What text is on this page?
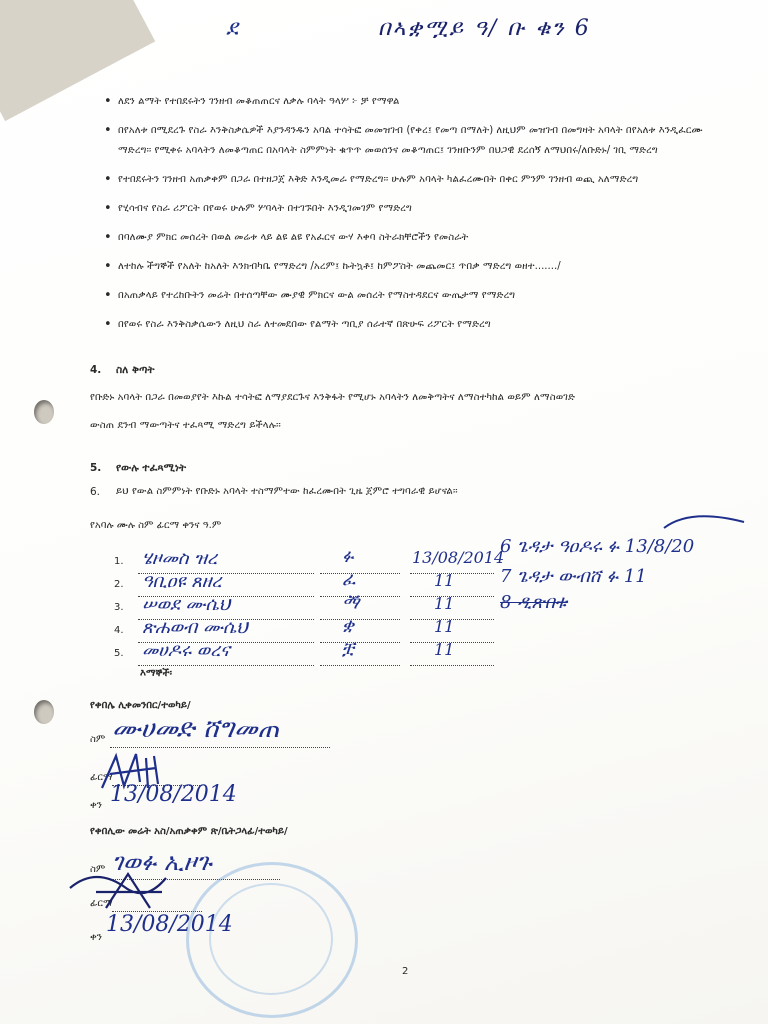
ደ	በኣቋሟይ ዓ/ ቡ ቁን 6
• ለደን ልማት የተበደሩትን ገንዘብ መቆጠጠርና ለቃሉ ባላት ዓላሦ ፦ ቻ የማዋል
• በየአለቱ በሚደረጉ የስራ እንቅስቃሴዎች እያንዳንዱን አባል ተሳትፎ መመዝገብ (የቀረ፤ የመጣ በማለት) ለዚህም መዝገብ በመግዛት አባላት በየአለቱ እንዲፈርሙ ማድረግ፡፡ የሚቀሩ አባላትን ለመቆጣጠር በአባላት ስምምነት ቁጥጥ መወሰንና መቆጣጠር፤ ገንዘቡንም በህጋዊ ደረሰኝ ለማህበሩ/ለቡድኑ/ ገቢ ማድረግ
• የተበደሩትን ገንዘብ አጠቃቀም በጋራ በተዘጋጀ እቅድ እንዲመራ የማድረግ፡፡ ሁሉም አባላት ካልፈረሙበት በቀር ምንም ገንዘብ ወጪ አለማድረግ
• የሂሳብና የስራ ሪፖርት በየወሩ ሁሉም ሦባላት በተገኙበት እንዲገመገም የማድረግ
• በባለሙያ ምክር መሰረት በወል መሬቱ ላይ ልዩ ልዩ የአፈርና ውሃ እቀባ ስትራክቸሮችን የመስራት
• ለተከሉ ችግኞች የአለት ከአለት እንክብካቤ የማድረግ /አረም፤ ኩትኳቶ፤ ከምፖስት መጨመር፤ ጥበቃ ማድረግ ወዘተ......./
• በአጠቃላይ የተረከቡትን መሬት በተሰጣቸው ሙያዊ ምክርና ውል መሰረት የማስተዳደርና ውጤታማ የማድረግ
• በየወሩ የስራ እንቅስቃሴውን ለዚህ ስራ ለተመደበው የልማት ጣቢያ ሰራተኛ በጽሁፍ ሪፖርት የማድረግ
4. ስለ ቅጣት
የቡድኑ አባላት በጋራ በመወያየት እኩል ተሳትፎ ለማያደርጉና እንቅፋት የሚሆኑ አባላትን ለመቅጣትና ለማስተካከል ወይም ለማስወገድ
ውስጠ ደንብ ማውጣትና ተፈጻሚ ማድረግ ይችላሉ፡፡
5. የውሉ ተፈጻሚነት
6. ይህ የውል ስምምነት የቡድኑ አባላት ተስማምተው ከፈረሙበት ጊዜ ጀምሮ ተግባራዊ ይሆናል፡፡
የአባሉ ሙሉ ስም ፊርማ ቀንና ዓ.ም
1. ሄዞመስ ዝረ	ፉ	13/08/2014
2. ዓቢዐዩ ጸዘረ	ፈ	11
3. ሠወደ ሙሴህ	ፙ	11
4. ጽሐወብ ሙሴህ	ቋ	11
5. መሀዶሩ ወረና	ቿ	11
6 ጌዳታ ዓዐዶሩ ፉ 13/8/20
7 ጌዳታ ውብሸ ፉ 11
8 ዲጽበቱ
እማኞች፡
የቀበሌ ሊቀመንበር/ተወካይ/
ስም ሙሀመድ ሸግመጠ
ፊርማ
ቀን 13/08/2014
የቀበሊው መሬት አስ/አጠቃቀም ጽ/ቤትጋላፊ/ተወካይ/
ስም ገወፉ ኢዞጉ
ፊርማ
ቀን
13/08/2014
2
